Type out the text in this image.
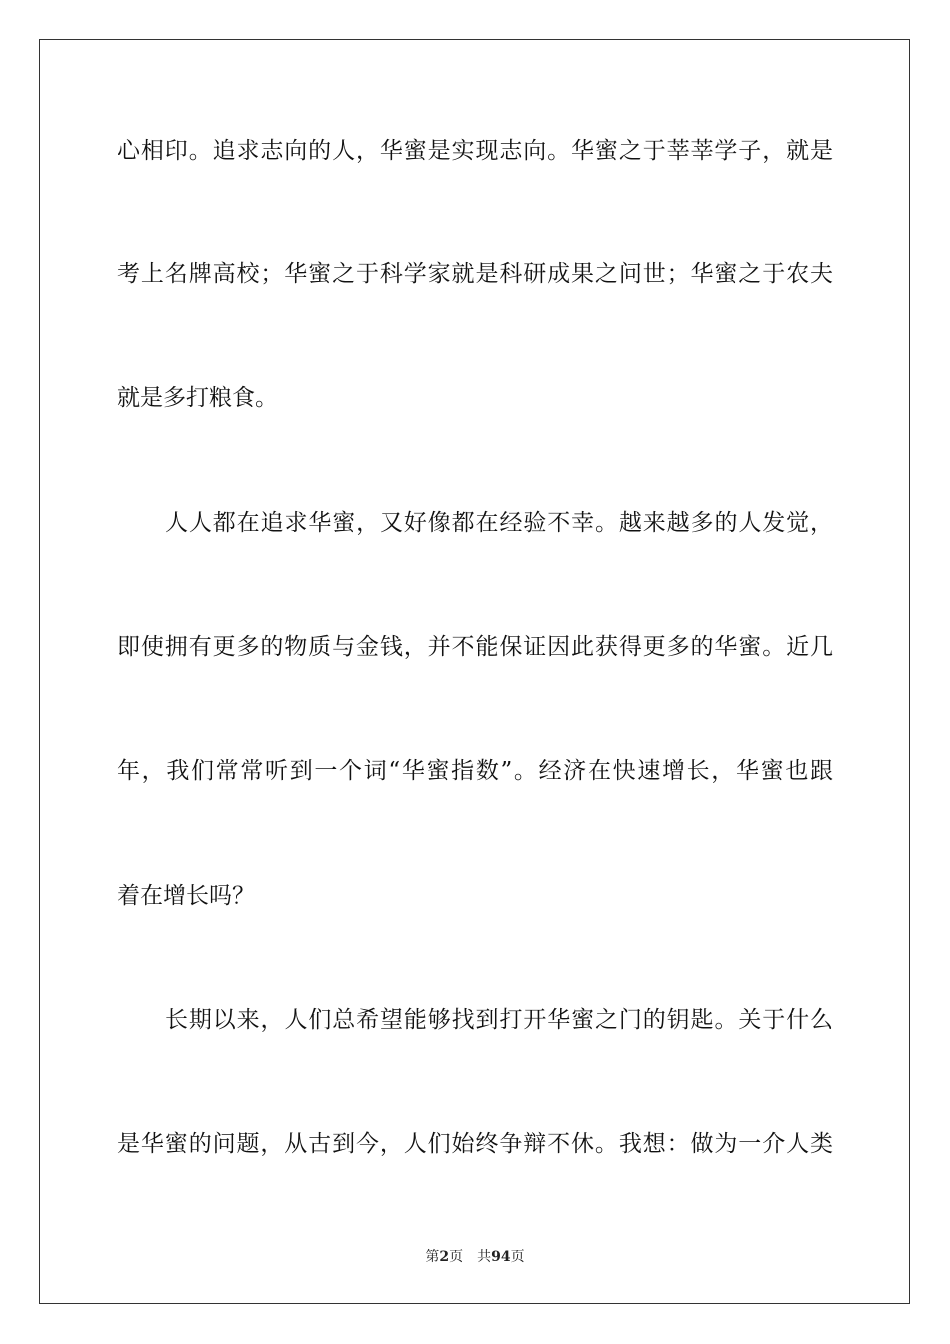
心相印。追求志向的人，华蜜是实现志向。华蜜之于莘莘学子，就是
考上名牌高校；华蜜之于科学家就是科研成果之问世；华蜜之于农夫
就是多打粮食。
人人都在追求华蜜，又好像都在经验不幸。越来越多的人发觉，
即使拥有更多的物质与金钱，并不能保证因此获得更多的华蜜。近几
年，我们常常听到一个词“华蜜指数”。经济在快速增长，华蜜也跟
着在增长吗？
长期以来，人们总希望能够找到打开华蜜之门的钥匙。关于什么
是华蜜的问题，从古到今，人们始终争辩不休。我想：做为一介人类
第2页 共94页
